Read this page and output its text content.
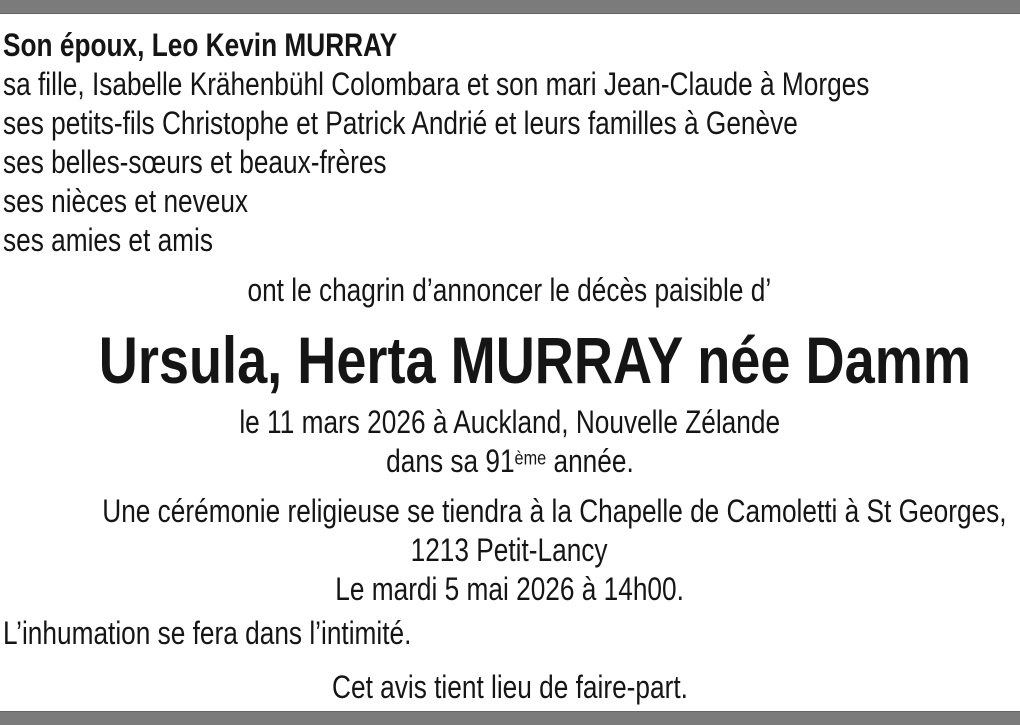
Son époux, Leo Kevin MURRAY
sa fille, Isabelle Krähenbühl Colombara et son mari Jean-Claude à Morges
ses petits-fils Christophe et Patrick Andrié et leurs familles à Genève
ses belles-sœurs et beaux-frères
ses nièces et neveux
ses amies et amis
ont le chagrin d’annoncer le décès paisible d’
Ursula, Herta MURRAY née Damm
le 11 mars 2026 à Auckland, Nouvelle Zélande
dans sa 91ème année.
Une cérémonie religieuse se tiendra à la Chapelle de Camoletti à St Georges,
1213 Petit-Lancy
Le mardi 5 mai 2026 à 14h00.
L’inhumation se fera dans l’intimité.
Cet avis tient lieu de faire-part.
